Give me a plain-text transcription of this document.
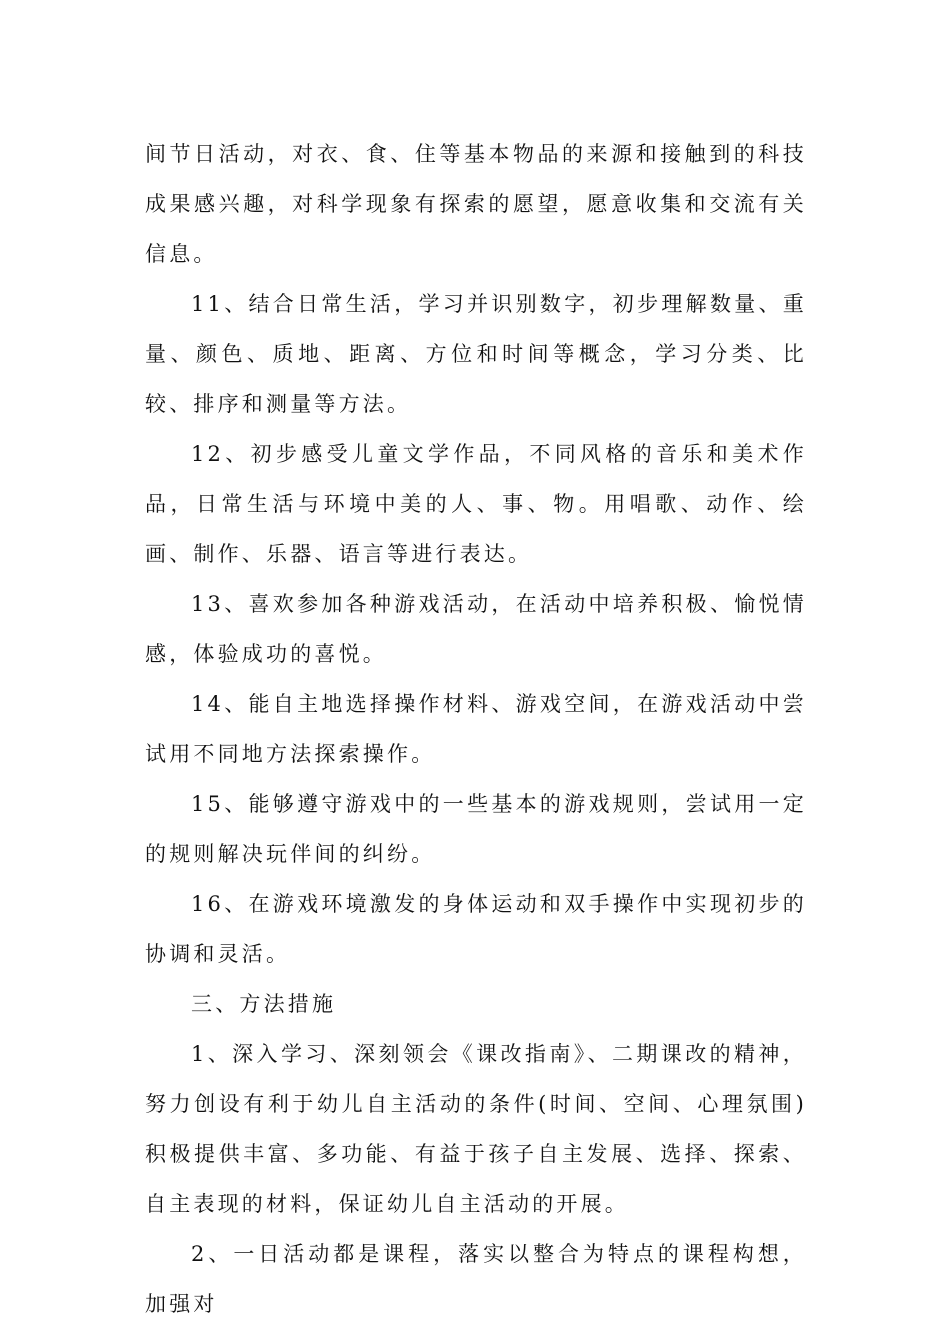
间节日活动，对衣、食、住等基本物品的来源和接触到的科技成果感兴趣，对科学现象有探索的愿望，愿意收集和交流有关信息。

11、结合日常生活，学习并识别数字，初步理解数量、重量、颜色、质地、距离、方位和时间等概念，学习分类、比较、排序和测量等方法。

12、初步感受儿童文学作品，不同风格的音乐和美术作品，日常生活与环境中美的人、事、物。用唱歌、动作、绘画、制作、乐器、语言等进行表达。

13、喜欢参加各种游戏活动，在活动中培养积极、愉悦情感，体验成功的喜悦。

14、能自主地选择操作材料、游戏空间，在游戏活动中尝试用不同地方法探索操作。

15、能够遵守游戏中的一些基本的游戏规则，尝试用一定的规则解决玩伴间的纠纷。

16、在游戏环境激发的身体运动和双手操作中实现初步的协调和灵活。

三、方法措施

1、深入学习、深刻领会《课改指南》、二期课改的精神，努力创设有利于幼儿自主活动的条件(时间、空间、心理氛围)积极提供丰富、多功能、有益于孩子自主发展、选择、探索、自主表现的材料，保证幼儿自主活动的开展。

2、一日活动都是课程，落实以整合为特点的课程构想，加强对
